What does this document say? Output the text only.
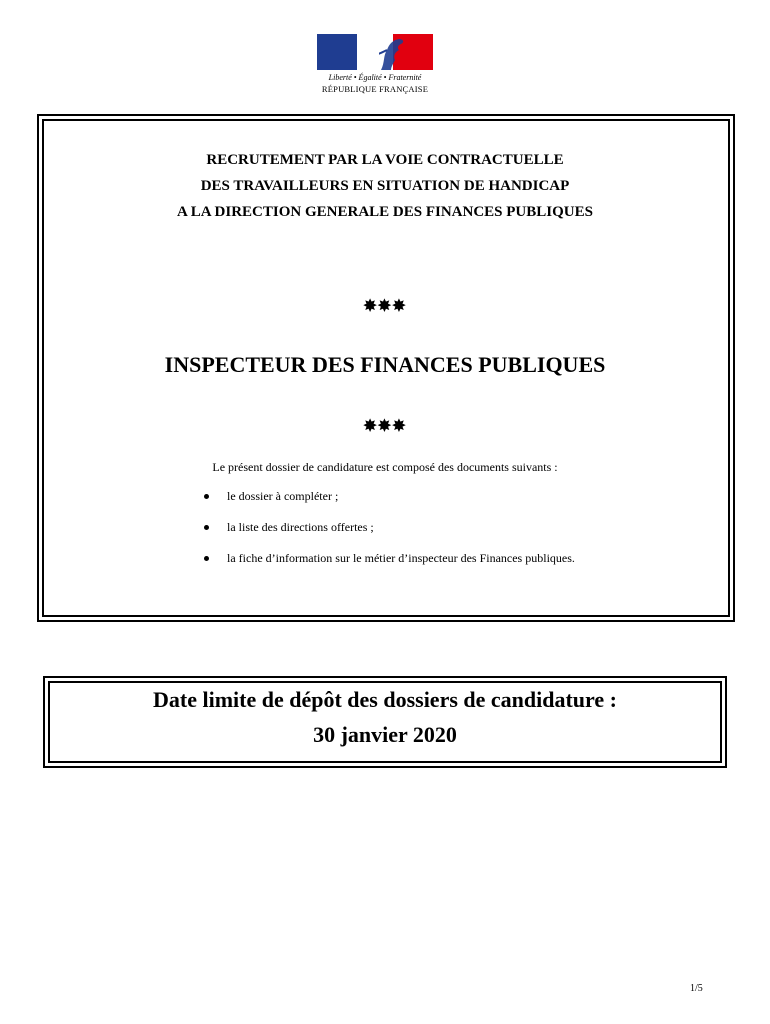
Liberté • Égalité • Fraternité
RÉPUBLIQUE FRANÇAISE
RECRUTEMENT PAR LA VOIE CONTRACTUELLE
DES TRAVAILLEURS EN SITUATION DE HANDICAP
A LA DIRECTION GENERALE DES FINANCES PUBLIQUES
✸✸✸
INSPECTEUR DES FINANCES PUBLIQUES
✸✸✸
Le présent dossier de candidature est composé des documents suivants :
le dossier à compléter ;
la liste des directions offertes ;
la fiche d’information sur le métier d’inspecteur des Finances publiques.
Date limite de dépôt des dossiers de candidature :
30 janvier 2020
1/5
